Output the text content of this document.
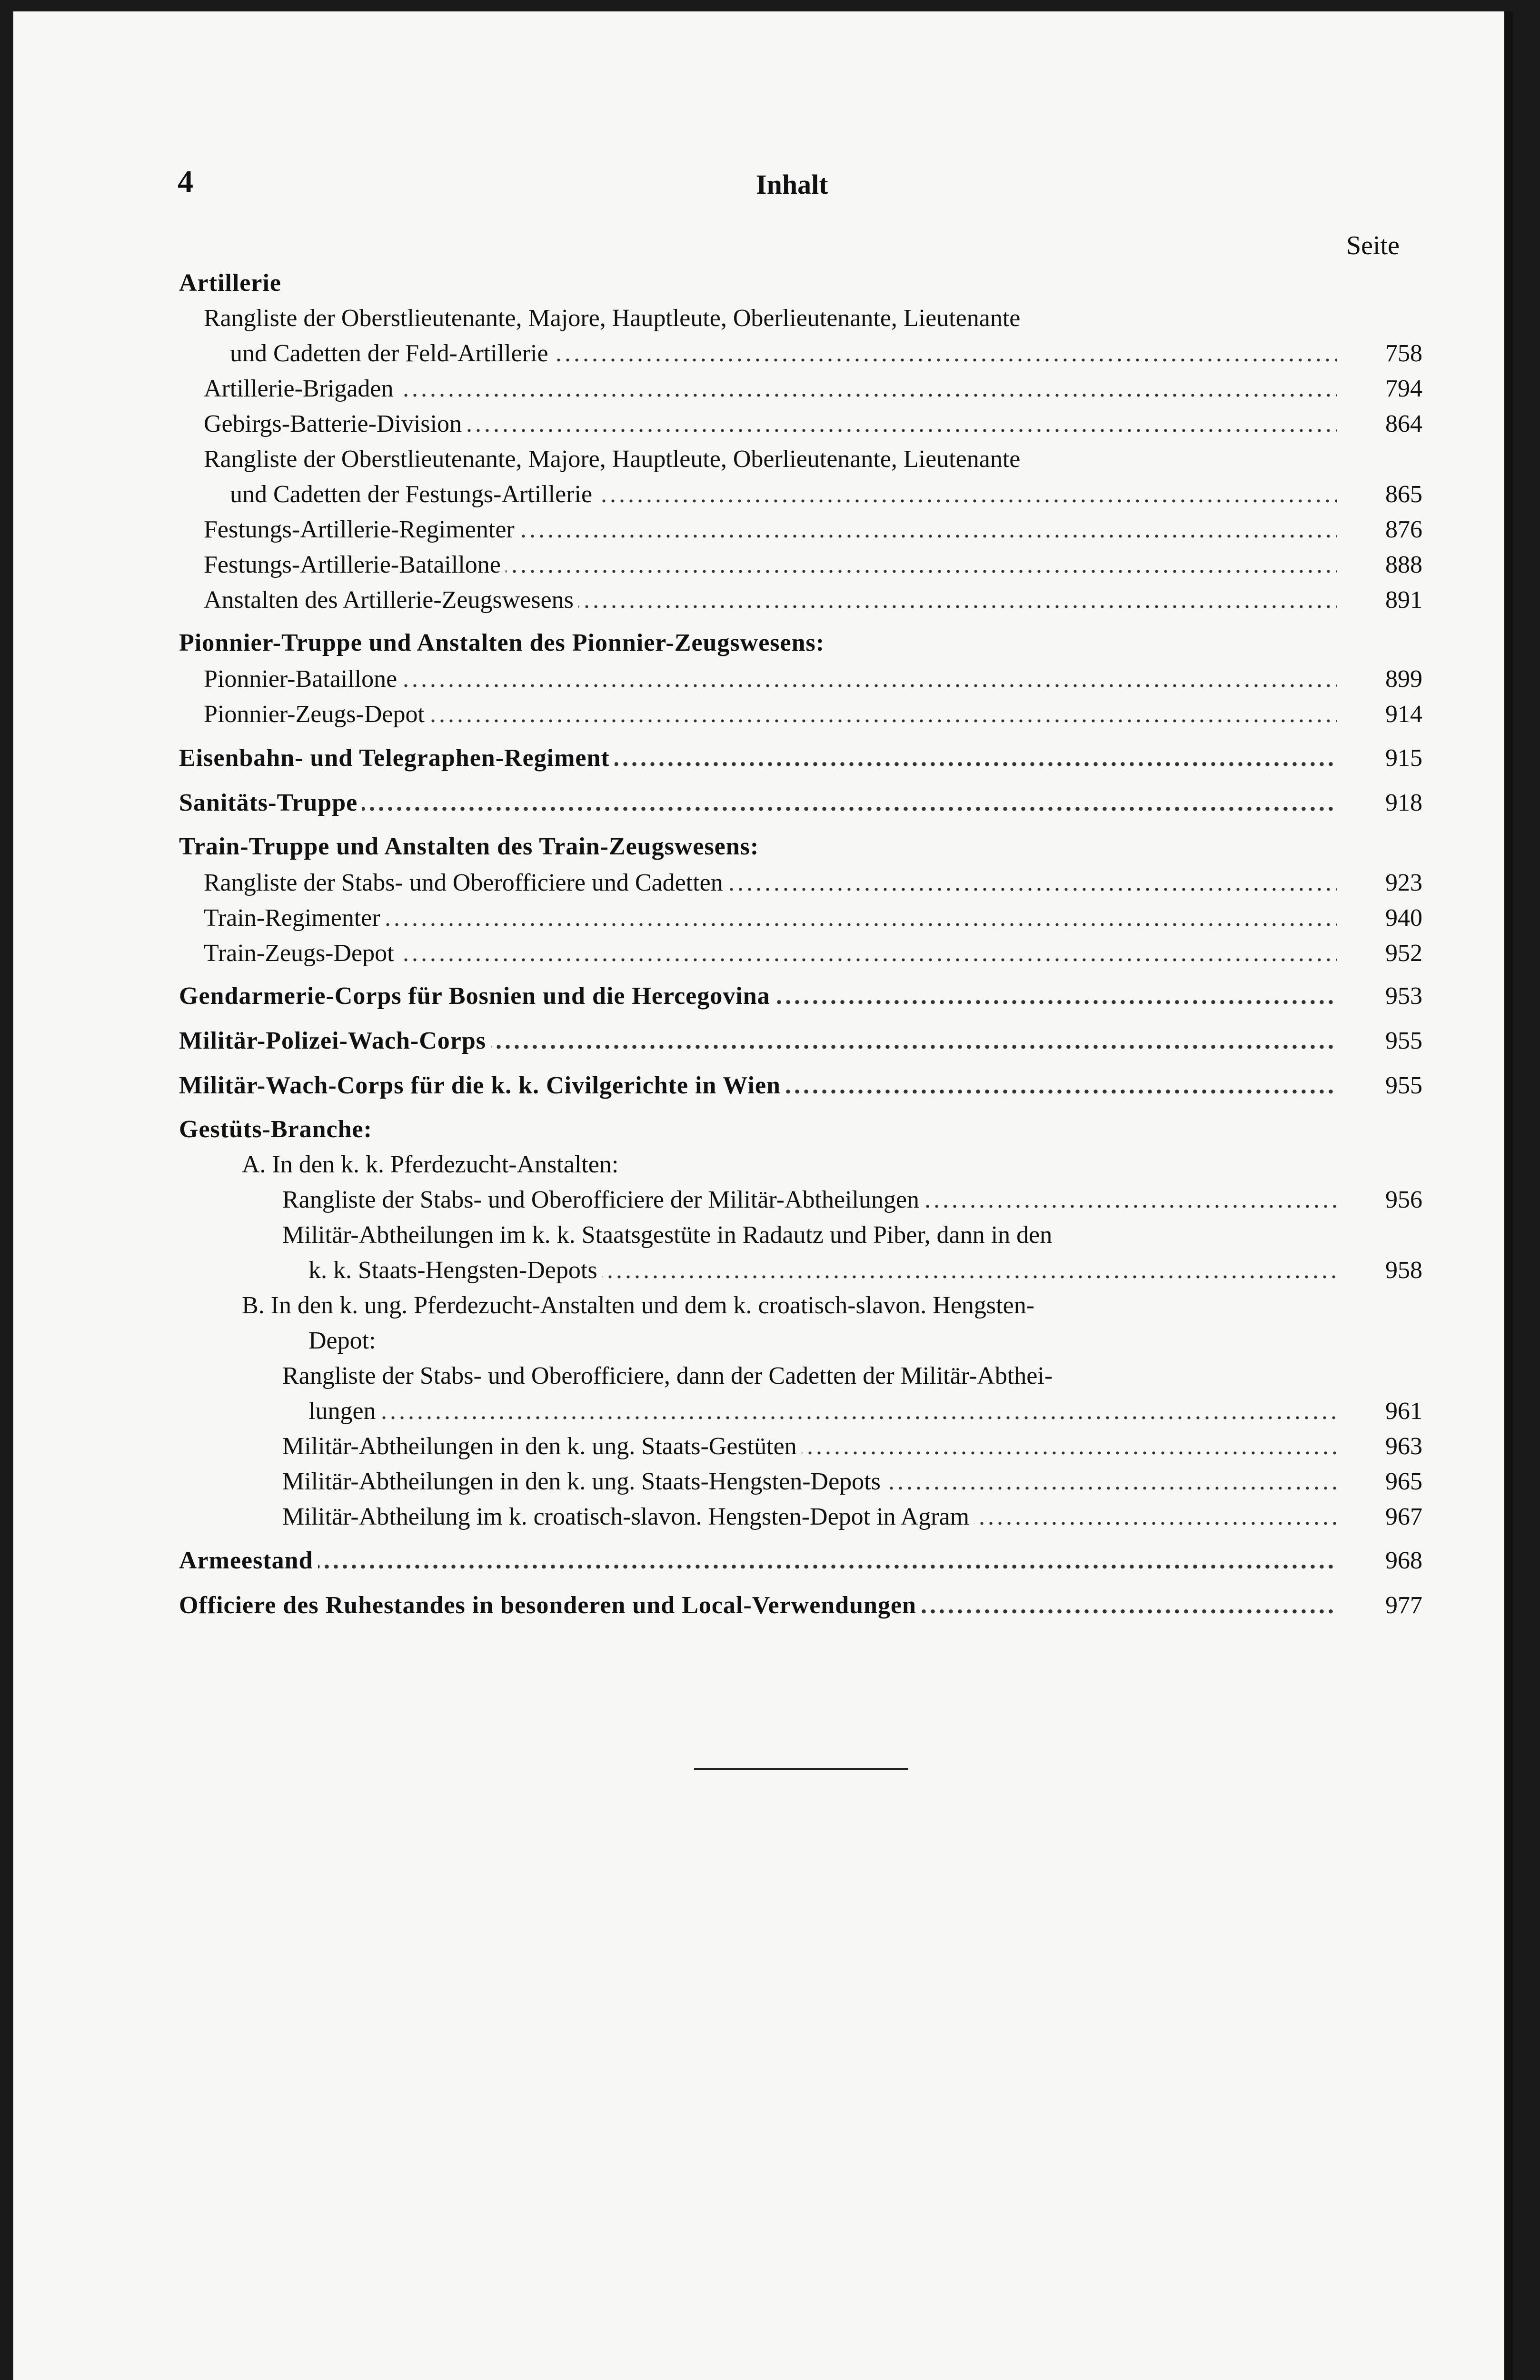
4	Inhalt
Seite
Artillerie
Rangliste der Oberstlieutenante, Majore, Hauptleute, Oberlieutenante, Lieutenante
und Cadetten der Feld-Artillerie .....	758
Artillerie-Brigaden .....	794
Gebirgs-Batterie-Division .....	864
Rangliste der Oberstlieutenante, Majore, Hauptleute, Oberlieutenante, Lieutenante
und Cadetten der Festungs-Artillerie .....	865
Festungs-Artillerie-Regimenter .....	876
Festungs-Artillerie-Bataillone .....	888
Anstalten des Artillerie-Zeugswesens .....	891
Pionnier-Truppe und Anstalten des Pionnier-Zeugswesens:
Pionnier-Bataillone .....	899
Pionnier-Zeugs-Depot .....	914
Eisenbahn- und Telegraphen-Regiment .....	915
Sanitäts-Truppe .....	918
Train-Truppe und Anstalten des Train-Zeugswesens:
Rangliste der Stabs- und Oberofficiere und Cadetten .....	923
Train-Regimenter .....	940
Train-Zeugs-Depot .....	952
Gendarmerie-Corps für Bosnien und die Hercegovina .....	953
Militär-Polizei-Wach-Corps .....	955
Militär-Wach-Corps für die k. k. Civilgerichte in Wien .....	955
Gestüts-Branche:
A. In den k. k. Pferdezucht-Anstalten:
Rangliste der Stabs- und Oberofficiere der Militär-Abtheilungen .....	956
Militär-Abtheilungen im k. k. Staatsgestüte in Radautz und Piber, dann in den
k. k. Staats-Hengsten-Depots .....	958
B. In den k. ung. Pferdezucht-Anstalten und dem k. croatisch-slavon. Hengsten-
Depot:
Rangliste der Stabs- und Oberofficiere, dann der Cadetten der Militär-Abthei-
lungen .....	961
Militär-Abtheilungen in den k. ung. Staats-Gestüten .....	963
Militär-Abtheilungen in den k. ung. Staats-Hengsten-Depots .....	965
Militär-Abtheilung im k. croatisch-slavon. Hengsten-Depot in Agram .....	967
Armeestand .....	968
Officiere des Ruhestandes in besonderen und Local-Verwendungen .....	977
